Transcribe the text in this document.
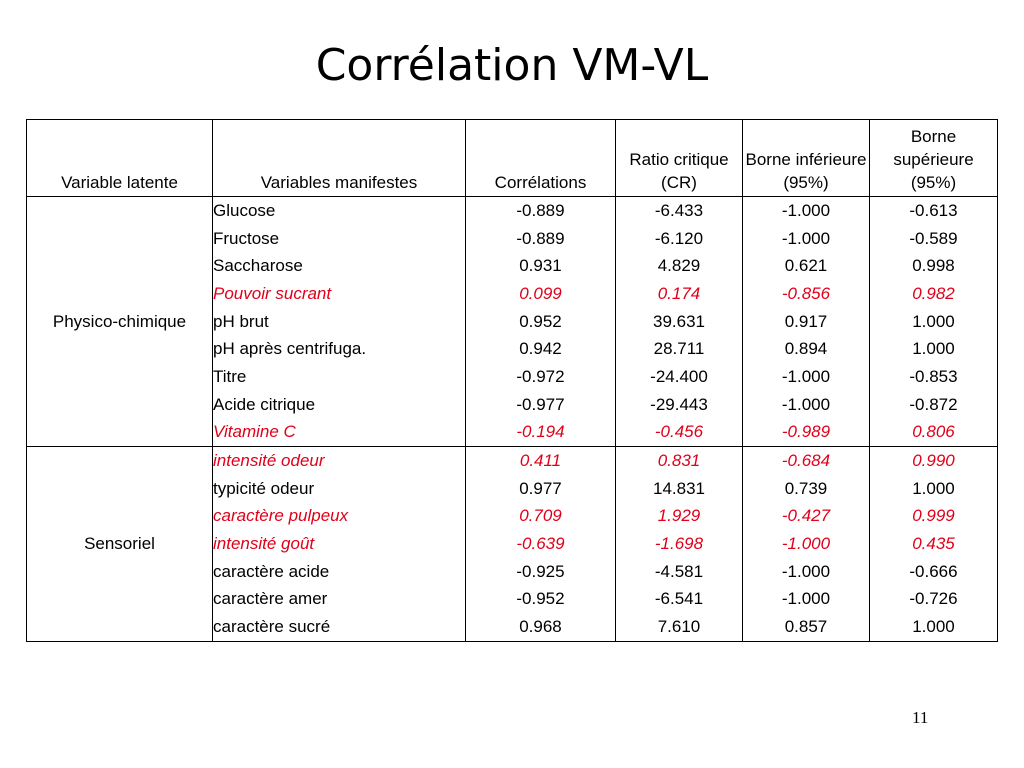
Corrélation VM-VL
Variable latente	Variables manifestes	Corrélations	Ratio critique (CR)	Borne inférieure (95%)	Borne supérieure (95%)
Physico-chimique	Glucose	-0.889	-6.433	-1.000	-0.613
	Fructose	-0.889	-6.120	-1.000	-0.589
	Saccharose	0.931	4.829	0.621	0.998
	Pouvoir sucrant	0.099	0.174	-0.856	0.982
	pH brut	0.952	39.631	0.917	1.000
	pH après centrifuga.	0.942	28.711	0.894	1.000
	Titre	-0.972	-24.400	-1.000	-0.853
	Acide citrique	-0.977	-29.443	-1.000	-0.872
	Vitamine C	-0.194	-0.456	-0.989	0.806
Sensoriel	intensité odeur	0.411	0.831	-0.684	0.990
	typicité odeur	0.977	14.831	0.739	1.000
	caractère pulpeux	0.709	1.929	-0.427	0.999
	intensité goût	-0.639	-1.698	-1.000	0.435
	caractère acide	-0.925	-4.581	-1.000	-0.666
	caractère amer	-0.952	-6.541	-1.000	-0.726
	caractère sucré	0.968	7.610	0.857	1.000
11
